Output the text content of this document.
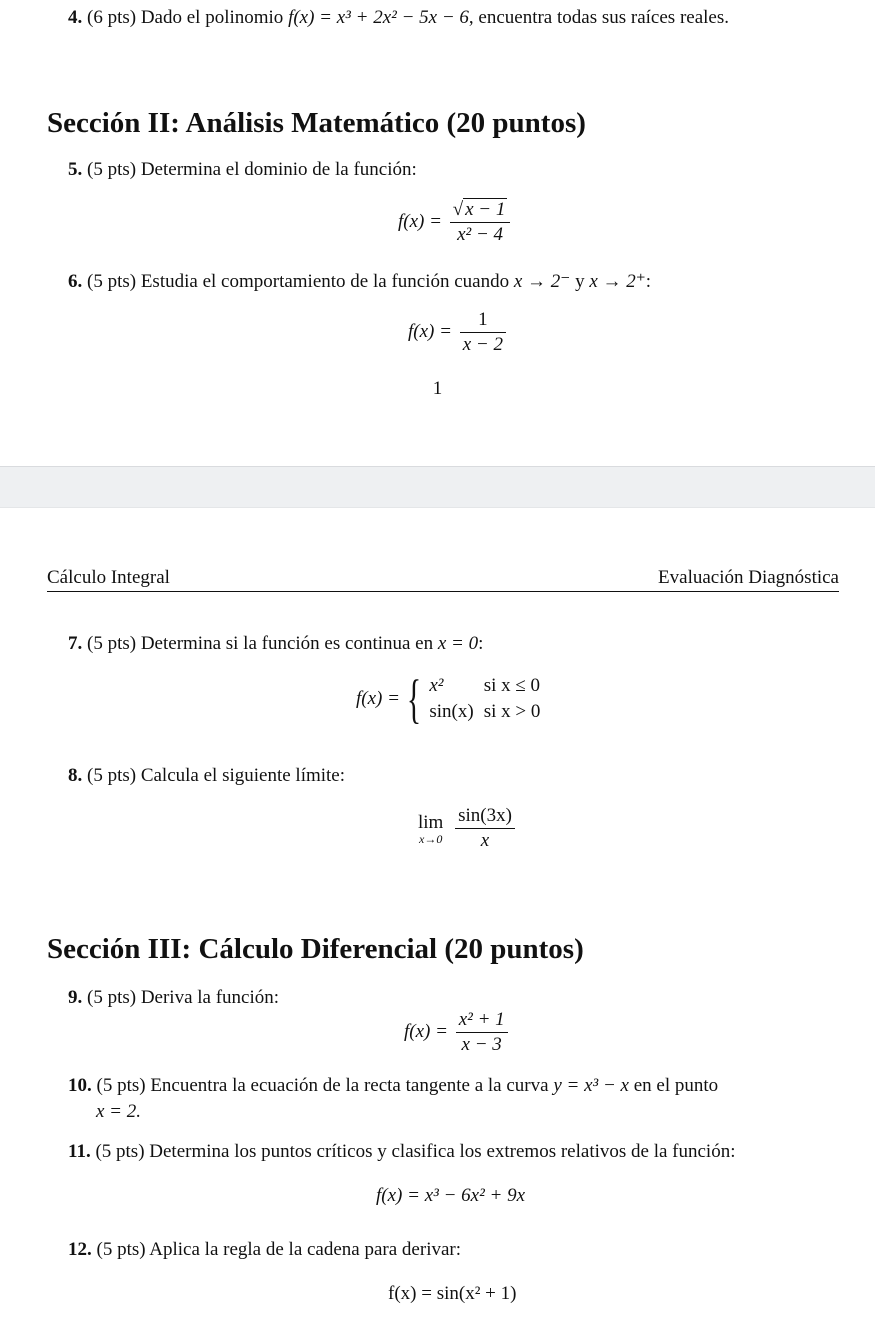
4. (6 pts) Dado el polinomio f(x) = x³ + 2x² − 5x − 6, encuentra todas sus raíces reales.
Sección II: Análisis Matemático (20 puntos)
5. (5 pts) Determina el dominio de la función:
$f(x) = \frac{√ x - 1}{\text{x² − 4}}$
6. (5 pts) Estudia el comportamiento de la función cuando x → 2⁻ y x → 2⁺:
$f(x) = \frac{1}{x - 2}$
1
Cálculo Integral	Evaluación Diagnóstica
7. (5 pts) Determina si la función es continua en x = 0:
f(x) = { x²	si x ≤ 0
sin(x)	si x > 0
8. (5 pts) Calcula el siguiente límite:
lim
x→0
$\frac{\sin(3x)}{x}$
Sección III: Cálculo Diferencial (20 puntos)
9. (5 pts) Deriva la función:
$f(x) = \frac{\text{x² + 1}}{x - 3}$
10. (5 pts) Encuentra la ecuación de la recta tangente a la curva y = x³ − x en el punto
x = 2.
11. (5 pts) Determina los puntos críticos y clasifica los extremos relativos de la función:
f(x) = x³ − 6x² + 9x
12. (5 pts) Aplica la regla de la cadena para derivar:
f(x) = sin(x² + 1)
